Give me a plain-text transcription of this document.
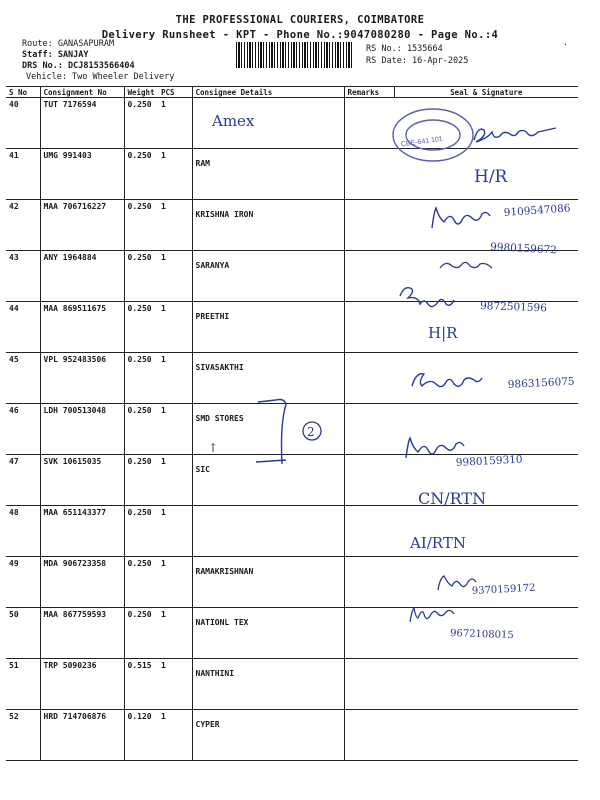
THE PROFESSIONAL COURIERS, COIMBATORE
Delivery Runsheet - KPT - Phone No.:9047080280 - Page No.:4
Route: GANASAPURAM
Staff: SANJAY
DRS No.: DCJ8153566404
Vehicle: Two Wheeler Delivery
RS No.: 1535664
RS Date: 16-Apr-2025
·
S No	Consignment No	Weight	PCS	Consignee Details	Remarks	Seal & Signature
40	TUT 7176594	0.250	1			
41	UMG 991403	0.250	1	RAM		
42	MAA 706716227	0.250	1	KRISHNA IRON		
43	ANY 1964884	0.250	1	SARANYA		
44	MAA 869511675	0.250	1	PREETHI		
45	VPL 952483506	0.250	1	SIVASAKTHI		
46	LDH 700513048	0.250	1	SMD STORES		
47	SVK 10615035	0.250	1	SIC		
48	MAA 651143377	0.250	1			
49	MDA 906723358	0.250	1	RAMAKRISHNAN		
50	MAA 867759593	0.250	1	NATIONL TEX		
51	TRP 5090236	0.515	1	NANTHINI		
52	HRD 714706876	0.120	1	CYPER		
CBE-641 101
Amex
H/R
9109547086
9980159672
9872501596
H|R
9863156075
↑
2
9980159310
CN/RTN
AI/RTN
9370159172
9672108015
